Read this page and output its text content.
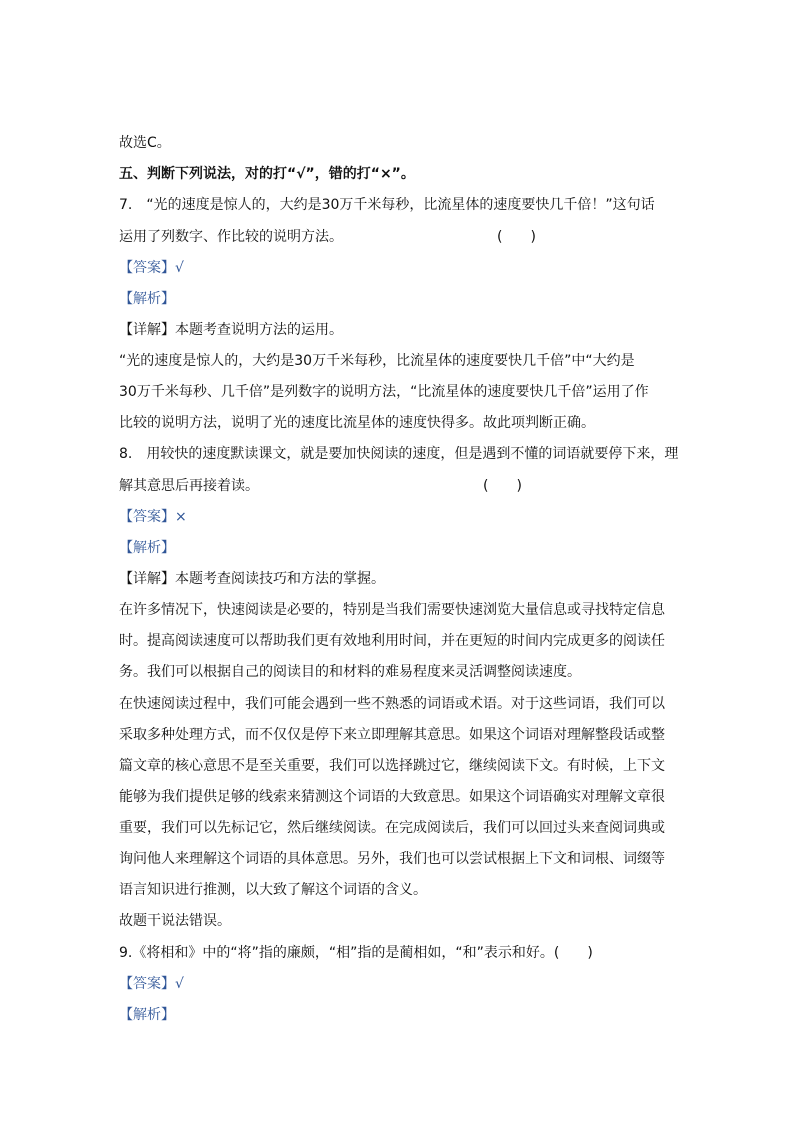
故选C。
五、判断下列说法，对的打“√”，错的打“×”。
7.　“光的速度是惊人的，大约是30万千米每秒，比流星体的速度要快几千倍！”这句话
运用了列数字、作比较的说明方法。	(　　)
【答案】√
【解析】
【详解】本题考查说明方法的运用。
“光的速度是惊人的，大约是30万千米每秒，比流星体的速度要快几千倍”中“大约是
30万千米每秒、几千倍”是列数字的说明方法，“比流星体的速度要快几千倍”运用了作
比较的说明方法，说明了光的速度比流星体的速度快得多。故此项判断正确。
8.　用较快的速度默读课文，就是要加快阅读的速度，但是遇到不懂的词语就要停下来，理
解其意思后再接着读。	(　　)
【答案】×
【解析】
【详解】本题考查阅读技巧和方法的掌握。
在许多情况下，快速阅读是必要的，特别是当我们需要快速浏览大量信息或寻找特定信息
时。提高阅读速度可以帮助我们更有效地利用时间，并在更短的时间内完成更多的阅读任
务。我们可以根据自己的阅读目的和材料的难易程度来灵活调整阅读速度。
在快速阅读过程中，我们可能会遇到一些不熟悉的词语或术语。对于这些词语，我们可以
采取多种处理方式，而不仅仅是停下来立即理解其意思。如果这个词语对理解整段话或整
篇文章的核心意思不是至关重要，我们可以选择跳过它，继续阅读下文。有时候，上下文
能够为我们提供足够的线索来猜测这个词语的大致意思。如果这个词语确实对理解文章很
重要，我们可以先标记它，然后继续阅读。在完成阅读后，我们可以回过头来查阅词典或
询问他人来理解这个词语的具体意思。另外，我们也可以尝试根据上下文和词根、词缀等
语言知识进行推测，以大致了解这个词语的含义。
故题干说法错误。
9.《将相和》中的“将”指的廉颇，“相”指的是蔺相如，“和”表示和好。(　　)
【答案】√
【解析】
